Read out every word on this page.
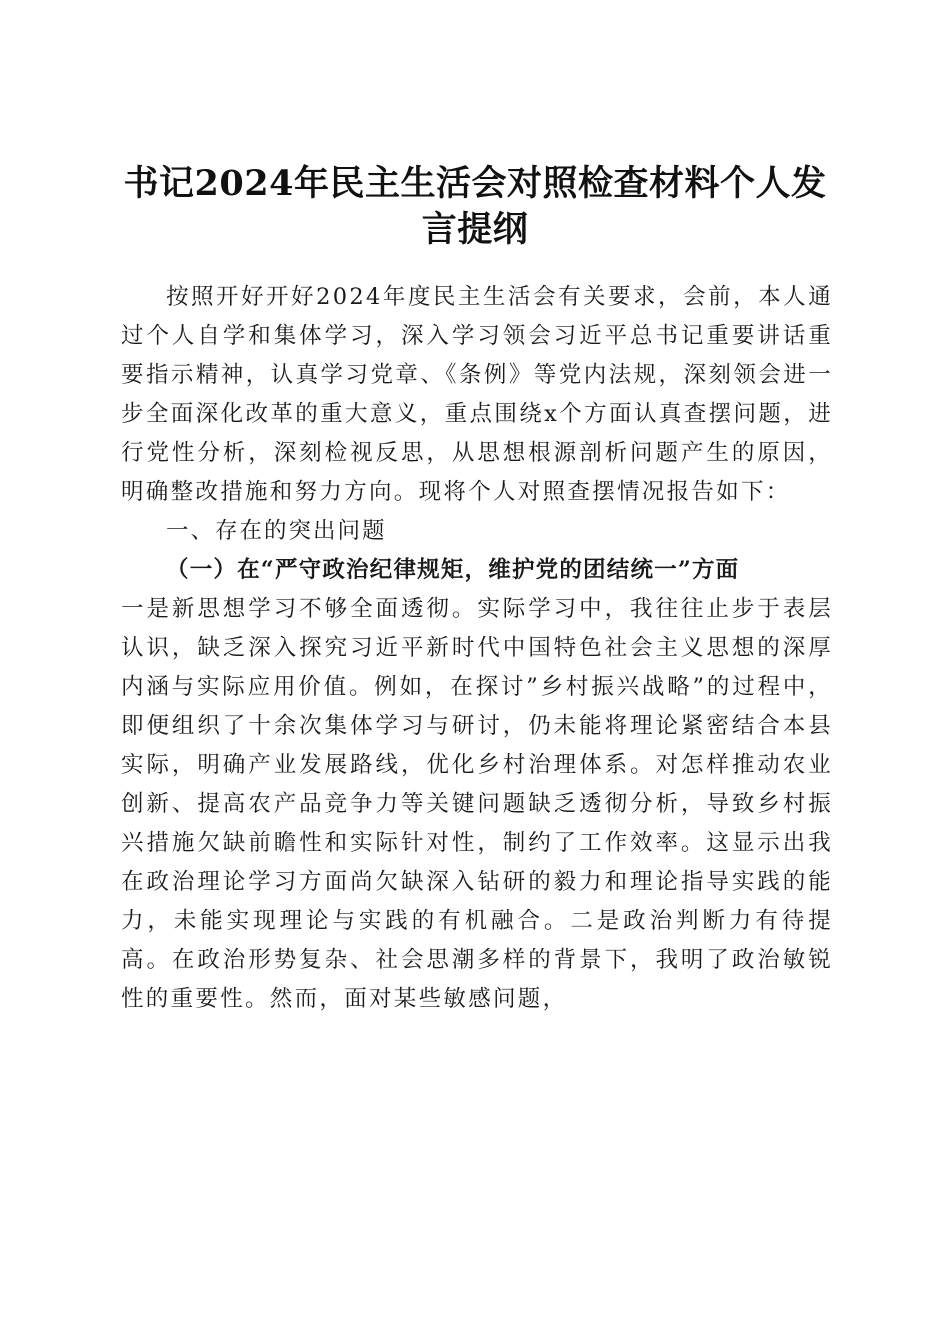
书记2024年民主生活会对照检查材料个人发
言提纲

按照开好开好2024年度民主生活会有关要求，会前，本人通过个人自学和集体学习，深入学习领会习近平总书记重要讲话重要指示精神，认真学习党章、《条例》等党内法规，深刻领会进一步全面深化改革的重大意义，重点围绕x个方面认真查摆问题，进行党性分析，深刻检视反思，从思想根源剖析问题产生的原因，明确整改措施和努力方向。现将个人对照查摆情况报告如下：

一、存在的突出问题

（一）在“严守政治纪律规矩，维护党的团结统一”方面

一是新思想学习不够全面透彻。实际学习中，我往往止步于表层认识，缺乏深入探究习近平新时代中国特色社会主义思想的深厚内涵与实际应用价值。例如，在探讨”乡村振兴战略”的过程中，即便组织了十余次集体学习与研讨，仍未能将理论紧密结合本县实际，明确产业发展路线，优化乡村治理体系。对怎样推动农业创新、提高农产品竞争力等关键问题缺乏透彻分析，导致乡村振兴措施欠缺前瞻性和实际针对性，制约了工作效率。这显示出我在政治理论学习方面尚欠缺深入钻研的毅力和理论指导实践的能力，未能实现理论与实践的有机融合。二是政治判断力有待提高。在政治形势复杂、社会思潮多样的背景下，我明了政治敏锐性的重要性。然而，面对某些敏感问题，
